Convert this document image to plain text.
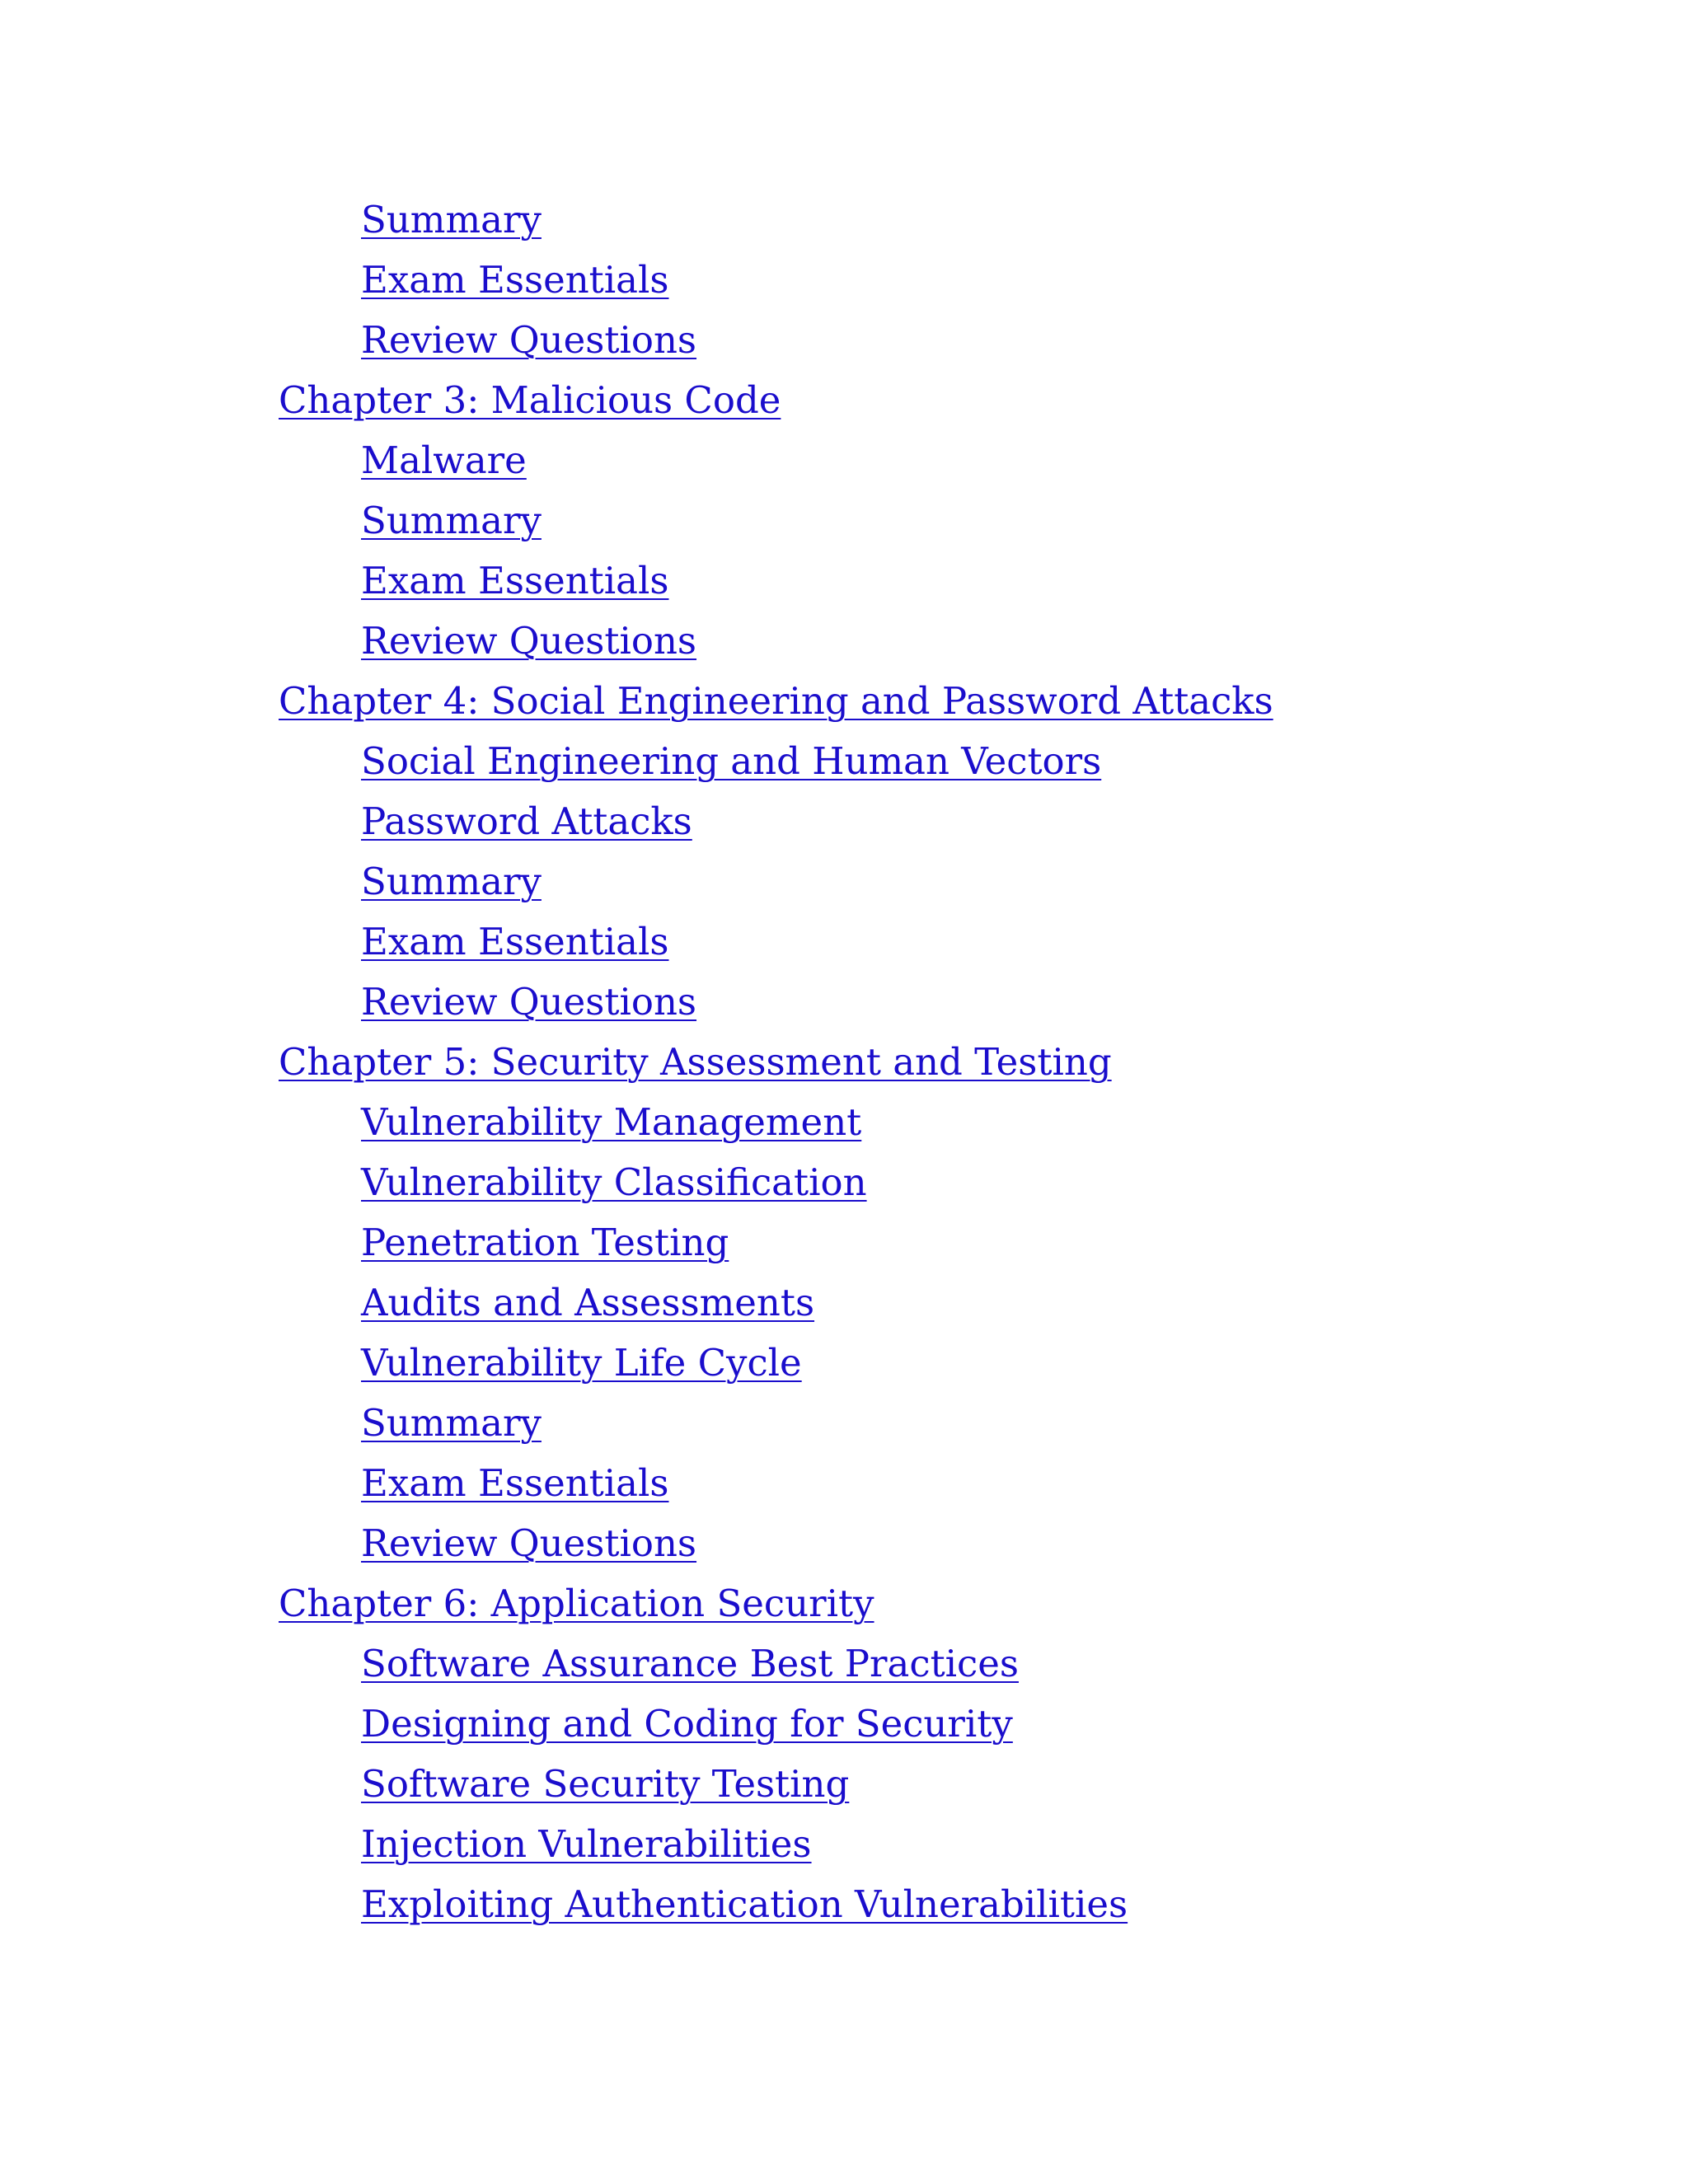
Summary
Exam Essentials
Review Questions
Chapter 3: Malicious Code
Malware
Summary
Exam Essentials
Review Questions
Chapter 4: Social Engineering and Password Attacks
Social Engineering and Human Vectors
Password Attacks
Summary
Exam Essentials
Review Questions
Chapter 5: Security Assessment and Testing
Vulnerability Management
Vulnerability Classification
Penetration Testing
Audits and Assessments
Vulnerability Life Cycle
Summary
Exam Essentials
Review Questions
Chapter 6: Application Security
Software Assurance Best Practices
Designing and Coding for Security
Software Security Testing
Injection Vulnerabilities
Exploiting Authentication Vulnerabilities
